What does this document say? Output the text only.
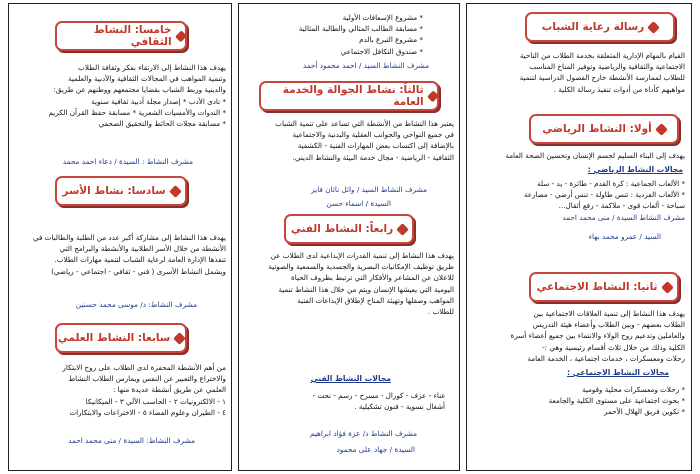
رسالة رعاية الشباب
القيام بالمهام الإدارية المتعلقة بخدمة الطلاب من الناحية
الاجتماعية والثقافية والرياضية وتوفير المناخ المناسب
للطلاب لممارسة الأنشطة خارج الفصول الدراسية لتنمية
مواهبهم كأداة من أدوات تنفيذ رسالة الكلية .
أولا: النشاط الرياضي
يهدف إلى البناء السليم لجسم الإنسان وتحسين الصحة العامة
مجالات النشاط الرياضي :
* الألعاب الجماعية : كرة القدم - طائرة - يد - سلة
* الألعاب الفردية : تنس طاولة - تنس أرضي - مصارعة
سباحة - ألعاب قوى - ملاكمة - رفع أثقال...
مشرف النشاط السيدة / منى محمد احمد
السيد / عمرو محمد بهاء
ثانيا: النشاط الاجتماعي
يهدف هذا النشاط إلى تنمية العلاقات الاجتماعية بين
الطلاب بعضهم - وبين الطلاب وأعضاء هيئة التدريس
والعاملين وتدعيم روح الولاء والانتماء بين جميع أعضاء أسرة
الكلية وذلك من خلال ثلاث أقسام رئيسية وهي :-
رحلات ومعسكرات ، خدمات اجتماعية ، الخدمة العامة
مجالات النشاط الاجتماعي :
* رحلات ومعسكرات محلية وقومية
* بحوث اجتماعية على مستوى الكلية والجامعة
* تكوين فريق الهلال الأحمر
* مشروع الإسعافات الأولية
* مسابقة الطالب المثالي والطالبة المثالية
* مشروع التبرع بالدم
* صندوق التكافل الاجتماعي
مشرف النشاط السيد / احمد محمود أحمد
ثالثاً: نشاط الجوالة والخدمة العامة
يعتبر هذا النشاط من الأنشطة التي تساعد على تنمية الشباب
في جميع النواحي والجوانب العقلية والبدنية والاجتماعية
بالإضافة إلى اكتساب بعض المهارات الفنية - الكشفية
الثقافية - الرياضية - مجال خدمة البيئة والنشاط الديني.
مشرف النشاط السيد / وائل ناثان فايز
السيدة / اسماء حسن
رابعاً: النشاط الفني
يهدف هذا النشاط إلى تنمية القدرات الإبداعية لدى الطلاب عن
طريق توظيف الإمكانيات البصرية والجسدية والسمعية والصوتية
للاعلان عن المشاعر والأفكار التي ترتبط بظروف الحياة
اليومية التي يعيشها الإنسان ويتم من خلال هذا النشاط تنمية
المواهب وصقلها وتهيئة المناخ لإطلاق الإبداعات الفنية
للطلاب .
مجالات النشاط الفني
غناء - عزف - كورال - مسرح - رسم - نحت -
أشغال نسوية - فنون تشكيلية .
مشرف النشاط د/ عزة فؤاد ابراهيم
السيدة / جهاد على محمود
خامسا: النشاط الثقافي
يهدف هذا النشاط إلى الارتقاء بفكر وثقافة الطلاب
وتنمية المواهب في المجالات الثقافية والأدبية والعلمية
والدينية وربط الشباب بقضايا مجتمعهم ووطنهم عن طريق:
* نادى الأدب * إصدار مجلة أدبية ثقافية سنوية
* الندوات والأمسيات الشعرية * مسابقة حفظ القرآن الكريم
* مسابقة مجلات الحائط والتحقيق الصحفي
مشرف النشاط : السيدة / دعاء احمد محمد
سادسا: نشاط الأسر
يهدف هذا النشاط إلى مشاركة أكبر عدد من الطلبة والطالبات في
الأنشطة من خلال الأسر الطلابية والأنشطة والبرامج التي
تنفذها الإدارة العامة لرعاية الشباب لتنمية مهارات الطلاب.
ويشمل النشاط الأسرى ( فني - ثقافي - اجتماعي - رياضي)
مشرف النشاط: د/ موسى محمد حسنين
سابعا: النشاط العلمي
من أهم الأنشطة المحفزة لدى الطلاب على روح الابتكار
والاختراع والتعبير عن النفس ويمارس الطلاب النشاط
العلمي عن طريق أنشطة عديدة منها :
١ - الالكترونيات ٢ - الحاسب الآلي ٣ - الميكانيكا
٤ - الطيران وعلوم الفضاء ٥ - الاختراعات والابتكارات
مشرف النشاط: السيدة / منى محمد احمد
